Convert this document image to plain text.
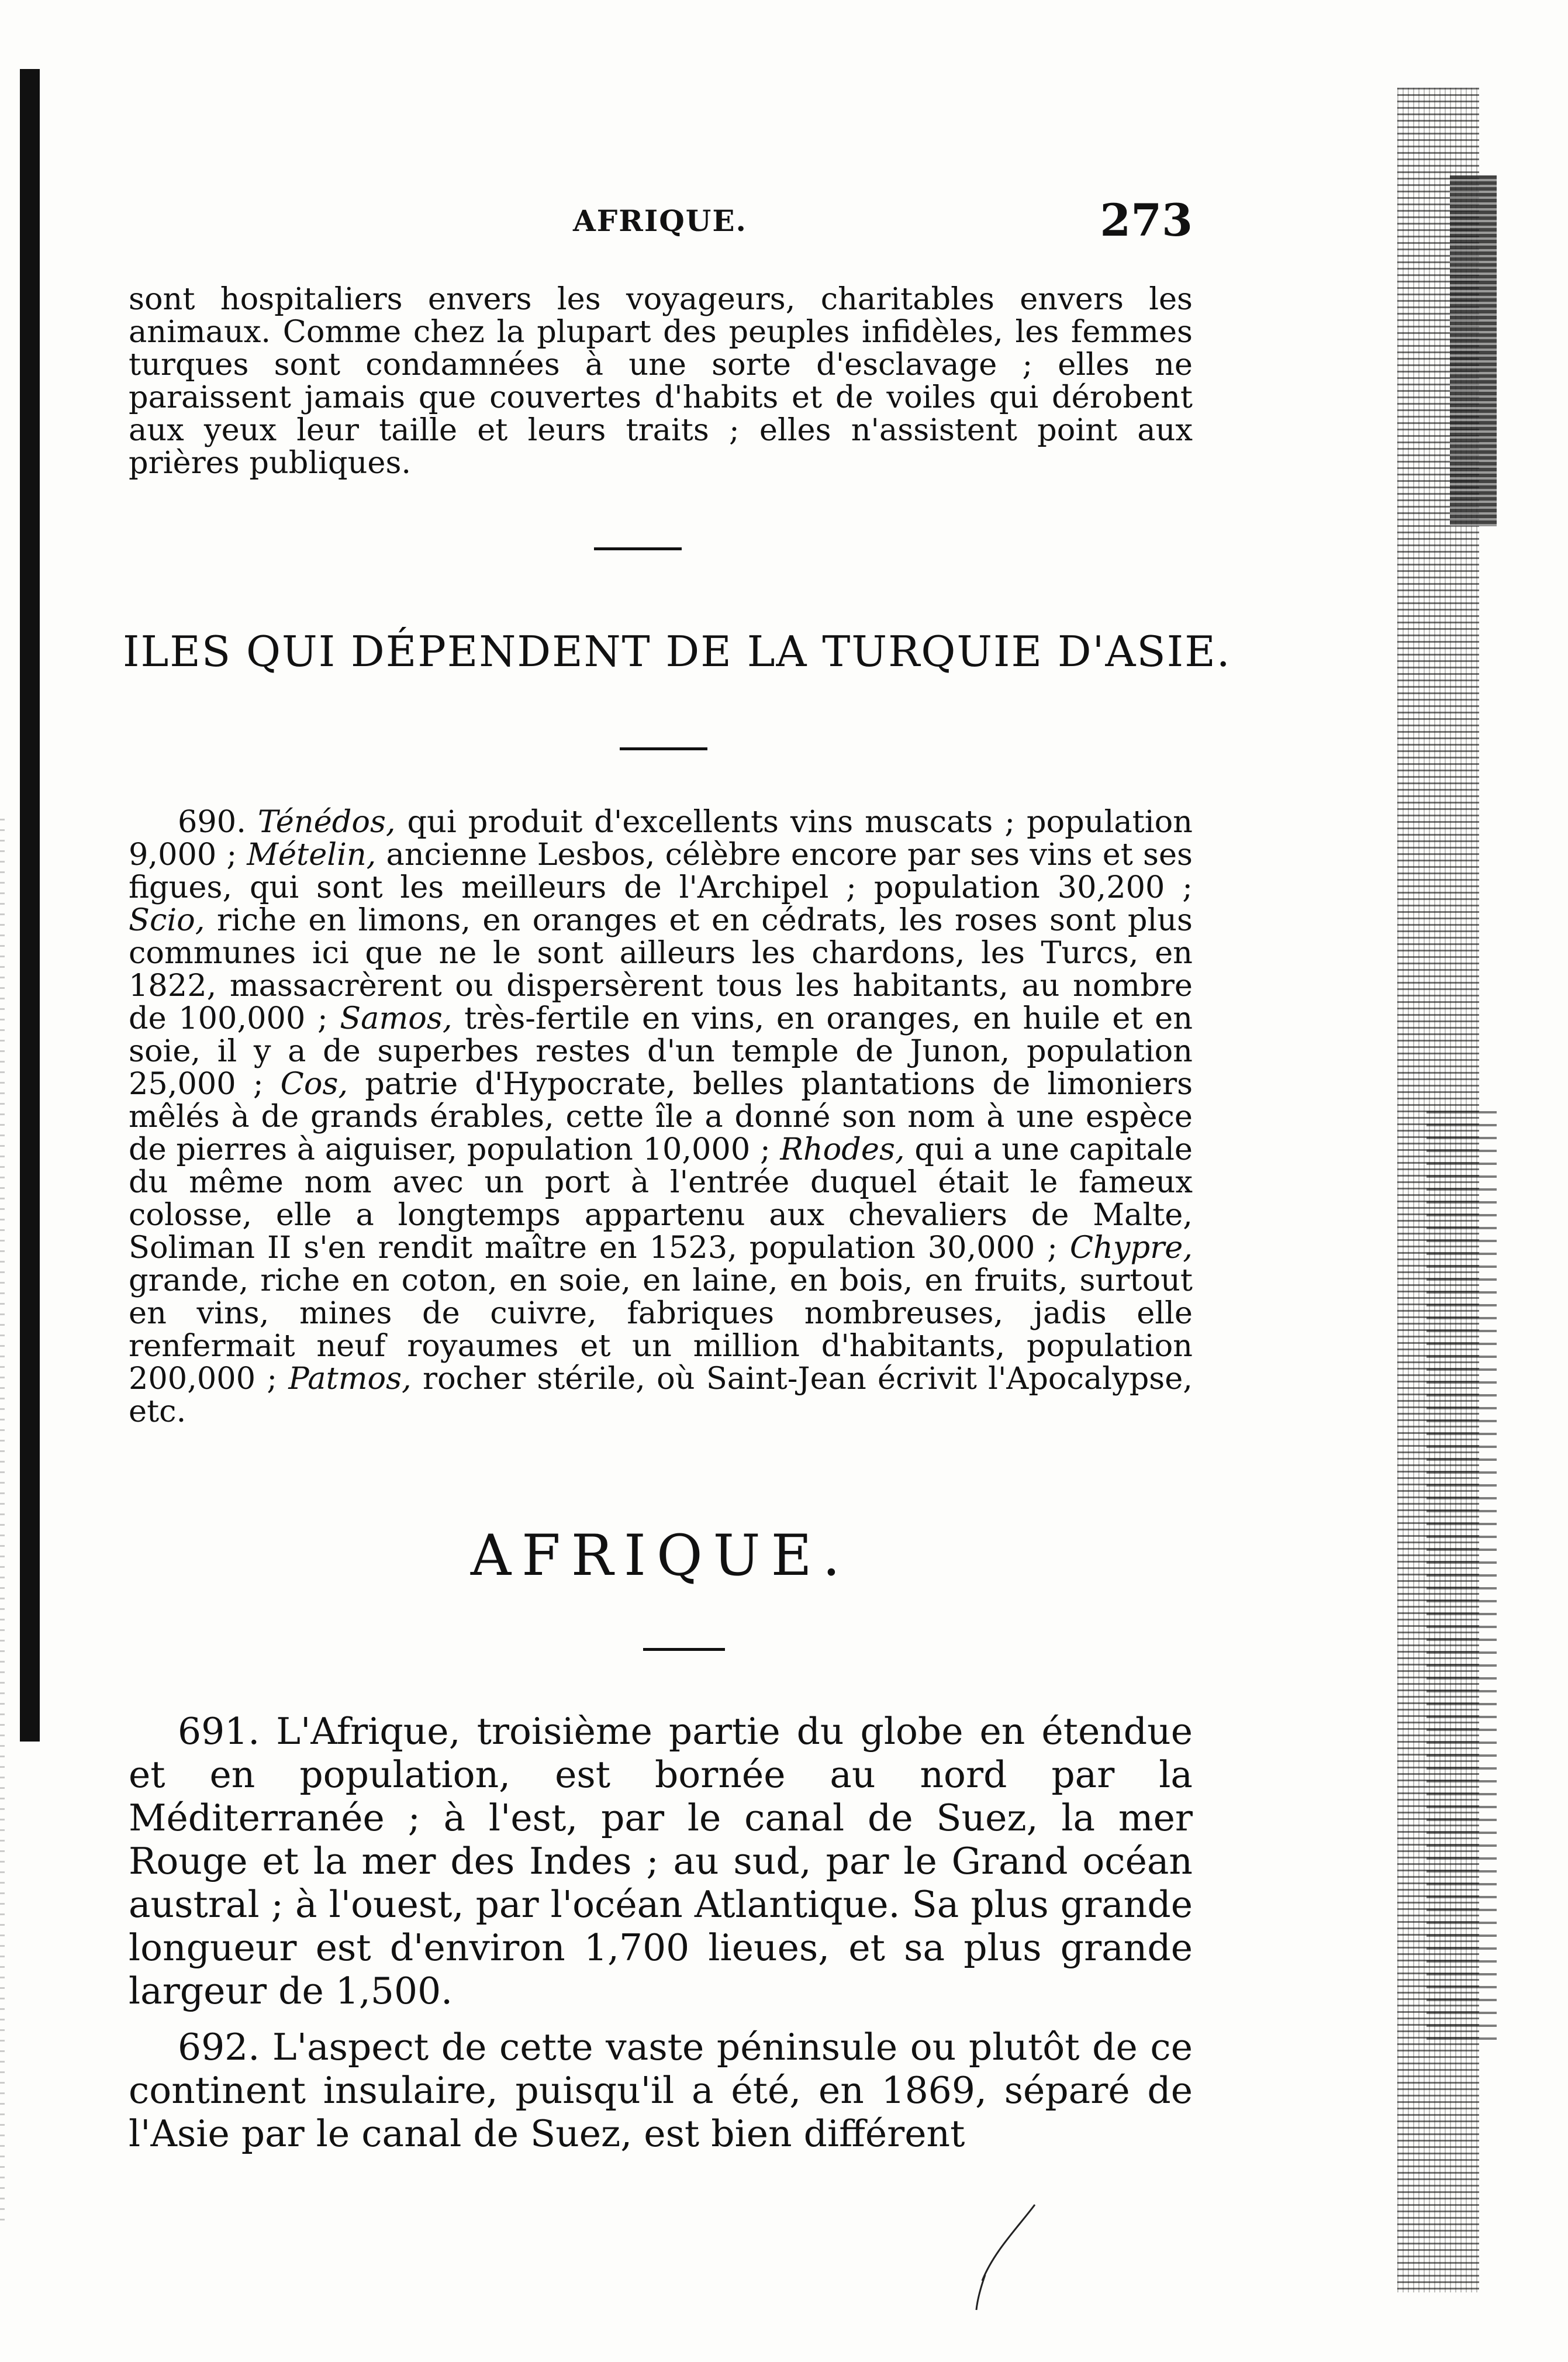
AFRIQUE.	273

sont hospitaliers envers les voyageurs, charitables envers les animaux. Comme chez la plupart des peuples infidèles, les femmes turques sont condamnées à une sorte d'esclavage ; elles ne paraissent jamais que couvertes d'habits et de voiles qui dérobent aux yeux leur taille et leurs traits ; elles n'assistent point aux prières publiques.

ILES QUI DÉPENDENT DE LA TURQUIE D'ASIE.

690. Ténédos, qui produit d'excellents vins muscats ; population 9,000 ; Mételin, ancienne Lesbos, célèbre encore par ses vins et ses figues, qui sont les meilleurs de l'Archipel ; population 30,200 ; Scio, riche en limons, en oranges et en cédrats, les roses sont plus communes ici que ne le sont ailleurs les chardons, les Turcs, en 1822, massacrèrent ou dispersèrent tous les habitants, au nombre de 100,000 ; Samos, très-fertile en vins, en oranges, en huile et en soie, il y a de superbes restes d'un temple de Junon, population 25,000 ; Cos, patrie d'Hypocrate, belles plantations de limoniers mêlés à de grands érables, cette île a donné son nom à une espèce de pierres à aiguiser, population 10,000 ; Rhodes, qui a une capitale du même nom avec un port à l'entrée duquel était le fameux colosse, elle a longtemps appartenu aux chevaliers de Malte, Soliman II s'en rendit maître en 1523, population 30,000 ; Chypre, grande, riche en coton, en soie, en laine, en bois, en fruits, surtout en vins, mines de cuivre, fabriques nombreuses, jadis elle renfermait neuf royaumes et un million d'habitants, population 200,000 ; Patmos, rocher stérile, où Saint-Jean écrivit l'Apocalypse, etc.

AFRIQUE.

691. L'Afrique, troisième partie du globe en étendue et en population, est bornée au nord par la Méditerranée ; à l'est, par le canal de Suez, la mer Rouge et la mer des Indes ; au sud, par le Grand océan austral ; à l'ouest, par l'océan Atlantique. Sa plus grande longueur est d'environ 1,700 lieues, et sa plus grande largeur de 1,500.

692. L'aspect de cette vaste péninsule ou plutôt de ce continent insulaire, puisqu'il a été, en 1869, séparé de l'Asie par le canal de Suez, est bien différent
